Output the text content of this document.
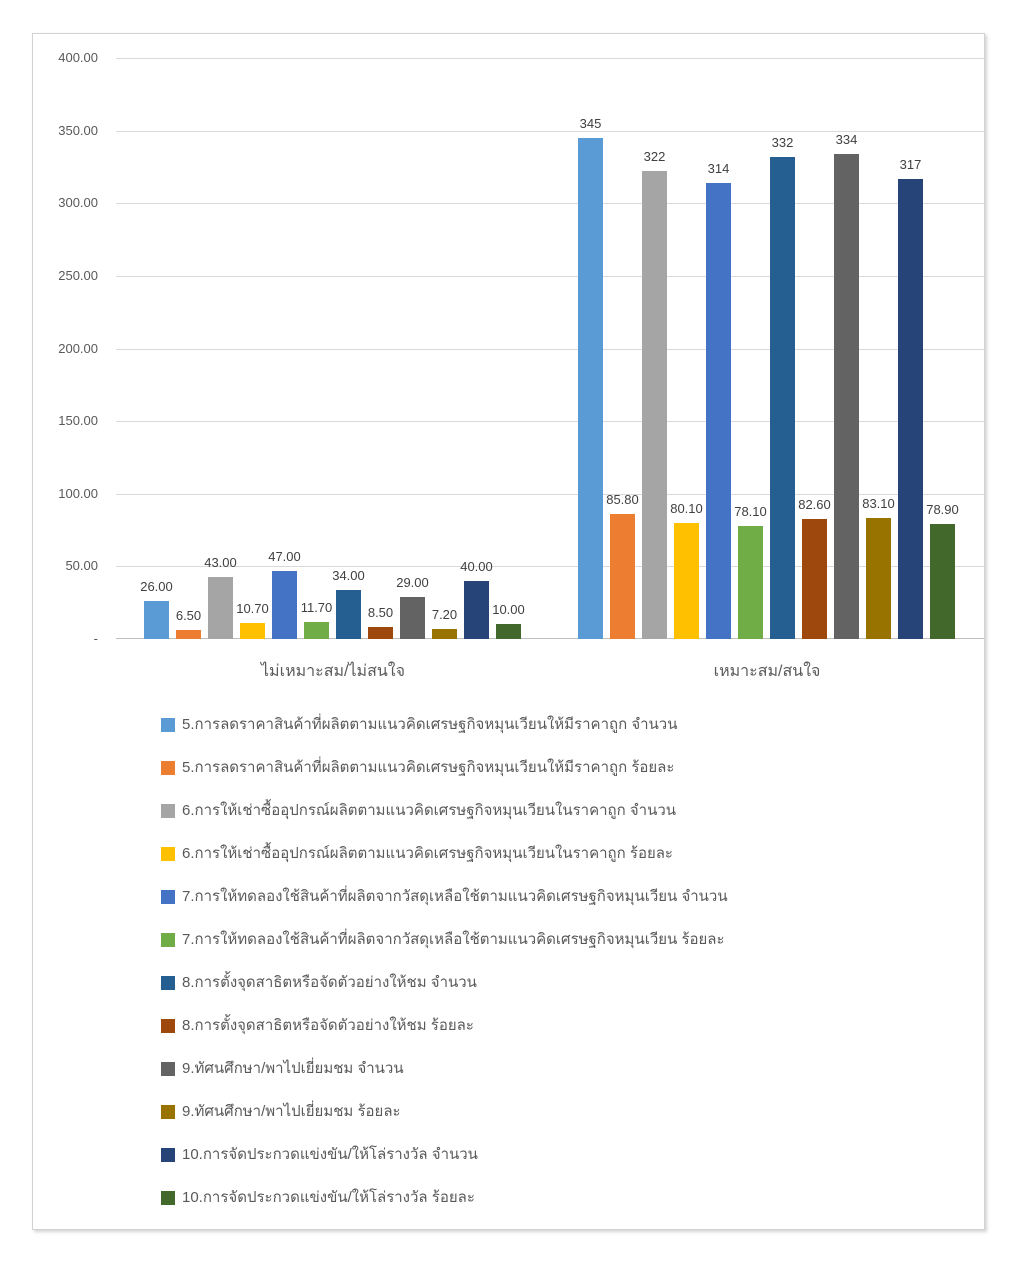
26.00
345
6.50
85.80
43.00
322
10.70
80.10
47.00
314
11.70
78.10
34.00
332
8.50
82.60
29.00
334
7.20
83.10
40.00
317
10.00
78.90
ไม่เหมาะสม/ไม่สนใจ	เหมาะสม/สนใจ
5.การลดราคาสินค้าที่ผลิตตามแนวคิดเศรษฐกิจหมุนเวียนให้มีราคาถูก จำนวน
5.การลดราคาสินค้าที่ผลิตตามแนวคิดเศรษฐกิจหมุนเวียนให้มีราคาถูก ร้อยละ
6.การให้เช่าซื้ออุปกรณ์ผลิตตามแนวคิดเศรษฐกิจหมุนเวียนในราคาถูก จำนวน
6.การให้เช่าซื้ออุปกรณ์ผลิตตามแนวคิดเศรษฐกิจหมุนเวียนในราคาถูก ร้อยละ
7.การให้ทดลองใช้สินค้าที่ผลิตจากวัสดุเหลือใช้ตามแนวคิดเศรษฐกิจหมุนเวียน จำนวน
7.การให้ทดลองใช้สินค้าที่ผลิตจากวัสดุเหลือใช้ตามแนวคิดเศรษฐกิจหมุนเวียน ร้อยละ
8.การตั้งจุดสาธิตหรือจัดตัวอย่างให้ชม จำนวน
8.การตั้งจุดสาธิตหรือจัดตัวอย่างให้ชม ร้อยละ
9.ทัศนศึกษา/พาไปเยี่ยมชม จำนวน
9.ทัศนศึกษา/พาไปเยี่ยมชม ร้อยละ
10.การจัดประกวดแข่งขัน/ให้โล่รางวัล จำนวน
10.การจัดประกวดแข่งขัน/ให้โล่รางวัล ร้อยละ
400.00
350.00
300.00
250.00
200.00
150.00
100.00
50.00
-
